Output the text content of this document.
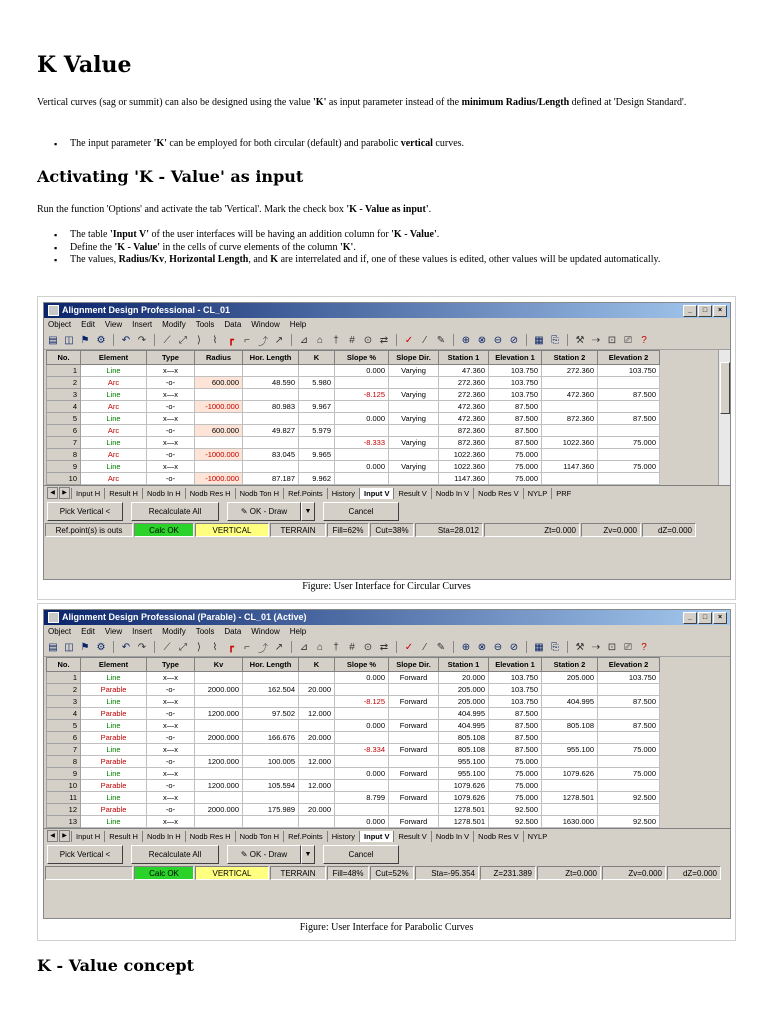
K Value

Vertical curves (sag or summit) can also be designed using the value 'K' as input parameter instead of the minimum Radius/Length defined at 'Design Standard'.

▪ The input parameter 'K' can be employed for both circular (default) and parabolic vertical curves.
Activating 'K - Value' as input

Run the function 'Options' and activate the tab 'Vertical'. Mark the check box 'K - Value as input'.

▪ The table 'Input V' of the user interfaces will be having an addition column for 'K - Value'.
▪ Define the 'K - Value' in the cells of curve elements of the column 'K'.
▪ The values, Radius/Kv, Horizontal Length, and K are interrelated and if, one of these values is edited, other values will be updated automatically.
Alignment Design Professional - CL_01	_	□	×
Object Edit View Insert Modify Tools Data Window Help
▤ ◫ ⚑ ⚙ ↶ ↷ ⟋ ⤢	⟩	⌇	┏	⌐ ⤴ ↗ ⊿ ⌂	†	# ⊙ ⇄ ✓	⁄	✎ ⊕ ⊗ ⊖ ⊘ ▦ ⎘ ⚒ ⇢ ⊡ ⎚ ?
No.	Element	Type	Radius	Hor. Length	K	Slope %	Slope Dir.	Station 1	Elevation 1	Station 2	Elevation 2
1	Line	x—x				0.000	Varying	47.360	103.750	272.360	103.750
2	Arc	-o-	600.000	48.590	5.980			272.360	103.750		
3	Line	x—x				-8.125	Varying	272.360	103.750	472.360	87.500
4	Arc	-o-	-1000.000	80.983	9.967			472.360	87.500		
5	Line	x—x				0.000	Varying	472.360	87.500	872.360	87.500
6	Arc	-o-	600.000	49.827	5.979			872.360	87.500		
7	Line	x—x				-8.333	Varying	872.360	87.500	1022.360	75.000
8	Arc	-o-	-1000.000	83.045	9.965			1022.360	75.000		
9	Line	x—x				0.000	Varying	1022.360	75.000	1147.360	75.000
10	Arc	-o-	-1000.000	87.187	9.962			1147.360	75.000		
◀	▶	Input H	Result H	Nodb In H	Nodb Res H	Nodb Ton H	Ref.Points	History	Input V	Result V	Nodb In V	Nodb Res V	NYLP	PRF
Pick Vertical <	Recalculate All	✎ OK - Draw	▼	Cancel
Ref.point(s) is outs	Calc OK	VERTICAL	TERRAIN	Fill=62%	Cut=38%	Sta=28.012	Zt=0.000	Zv=0.000	dZ=0.000
Figure: User Interface for Circular Curves
Alignment Design Professional (Parable) - CL_01 (Active)	_	□	×
Object Edit View Insert Modify Tools Data Window Help
▤ ◫ ⚑ ⚙ ↶ ↷ ⟋ ⤢	⟩	⌇	┏	⌐ ⤴ ↗ ⊿ ⌂	†	# ⊙ ⇄ ✓	⁄	✎ ⊕ ⊗ ⊖ ⊘ ▦ ⎘ ⚒ ⇢ ⊡ ⎚ ?
No.	Element	Type	Kv	Hor. Length	K	Slope %	Slope Dir.	Station 1	Elevation 1	Station 2	Elevation 2
1	Line	x—x				0.000	Forward	20.000	103.750	205.000	103.750
2	Parable	-o-	2000.000	162.504	20.000			205.000	103.750		
3	Line	x—x				-8.125	Forward	205.000	103.750	404.995	87.500
4	Parable	-o-	1200.000	97.502	12.000			404.995	87.500		
5	Line	x—x				0.000	Forward	404.995	87.500	805.108	87.500
6	Parable	-o-	2000.000	166.676	20.000			805.108	87.500		
7	Line	x—x				-8.334	Forward	805.108	87.500	955.100	75.000
8	Parable	-o-	1200.000	100.005	12.000			955.100	75.000		
9	Line	x—x				0.000	Forward	955.100	75.000	1079.626	75.000
10	Parable	-o-	1200.000	105.594	12.000			1079.626	75.000		
11	Line	x—x				8.799	Forward	1079.626	75.000	1278.501	92.500
12	Parable	-o-	2000.000	175.989	20.000			1278.501	92.500		
13	Line	x—x				0.000	Forward	1278.501	92.500	1630.000	92.500
◀	▶	Input H	Result H	Nodb In H	Nodb Res H	Nodb Ton H	Ref.Points	History	Input V	Result V	Nodb In V	Nodb Res V	NYLP
Pick Vertical <	Recalculate All	✎ OK - Draw	▼	Cancel
Calc OK	VERTICAL	TERRAIN	Fill=48%	Cut=52%	Sta=-95.354	Z=231.389	Zt=0.000	Zv=0.000	dZ=0.000
Figure: User Interface for Parabolic Curves
K - Value concept
